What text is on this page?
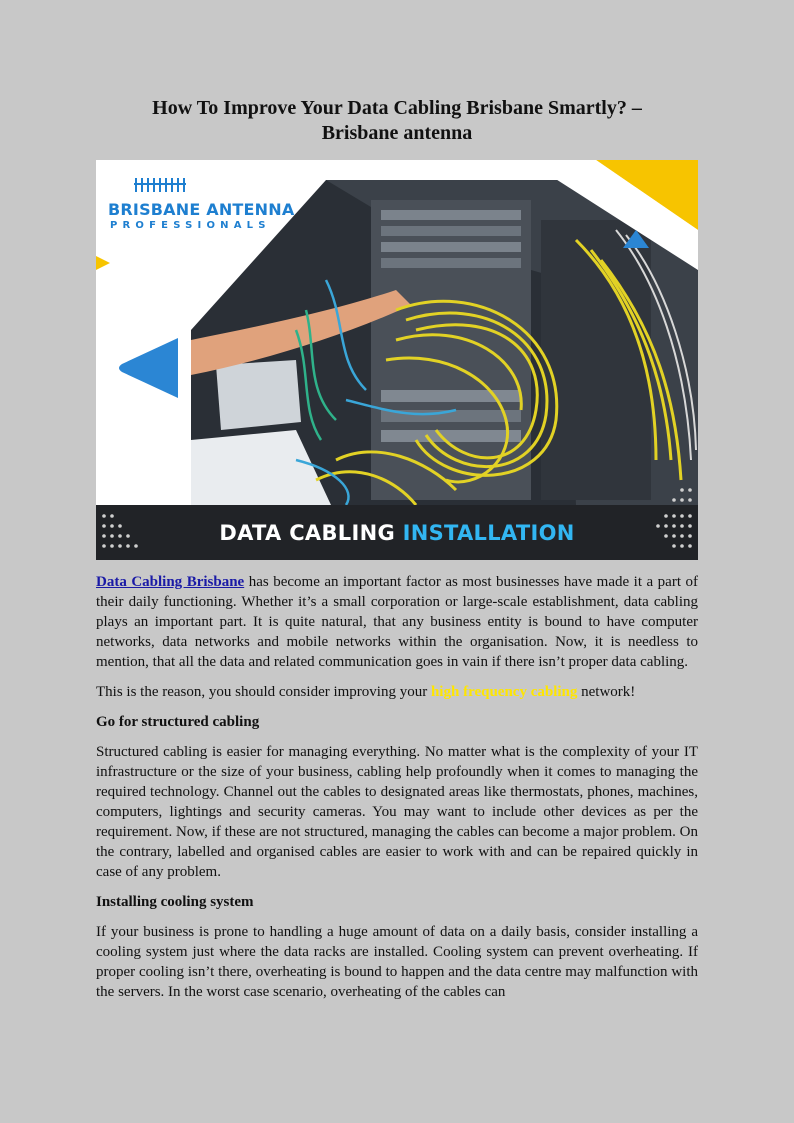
How To Improve Your Data Cabling Brisbane Smartly? –
Brisbane antenna
BRISBANE ANTENNA
PROFESSIONALS
DATA CABLING INSTALLATION

Data Cabling Brisbane has become an important factor as most businesses have made it a part of their daily functioning. Whether it’s a small corporation or large-scale establishment, data cabling plays an important part. It is quite natural, that any business entity is bound to have computer networks, data networks and mobile networks within the organisation. Now, it is needless to mention, that all the data and related communication goes in vain if there isn’t proper data cabling.

This is the reason, you should consider improving your high frequency cabling network!

Go for structured cabling

Structured cabling is easier for managing everything. No matter what is the complexity of your IT infrastructure or the size of your business, cabling help profoundly when it comes to managing the required technology. Channel out the cables to designated areas like thermostats, phones, machines, computers, lightings and security cameras. You may want to include other devices as per the requirement. Now, if these are not structured, managing the cables can become a major problem. On the contrary, labelled and organised cables are easier to work with and can be repaired quickly in case of any problem.

Installing cooling system

If your business is prone to handling a huge amount of data on a daily basis, consider installing a cooling system just where the data racks are installed. Cooling system can prevent overheating. If proper cooling isn’t there, overheating is bound to happen and the data centre may malfunction with the servers. In the worst case scenario, overheating of the cables can
